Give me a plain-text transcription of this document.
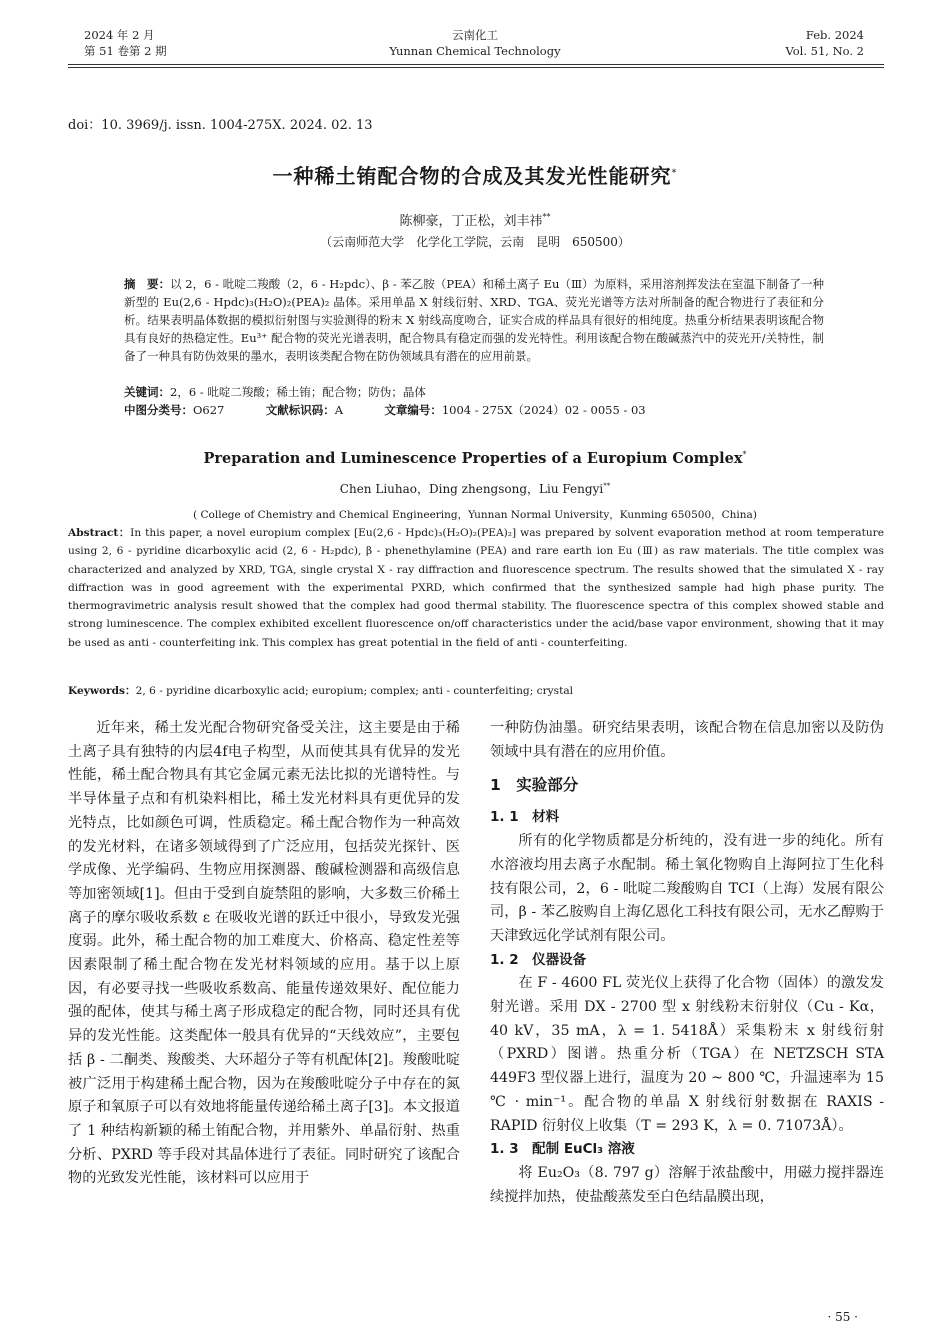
2024 年 2 月
第 51 卷第 2 期
云南化工
Yunnan Chemical Technology
Feb. 2024
Vol. 51, No. 2
doi：10. 3969/j. issn. 1004-275X. 2024. 02. 13
一种稀土铕配合物的合成及其发光性能研究*
陈柳豪，丁正松，刘丰祎**
（云南师范大学　化学化工学院，云南　昆明　650500）
摘　要：以 2，6 - 吡啶二羧酸（2，6 - H₂pdc）、β - 苯乙胺（PEA）和稀土离子 Eu（Ⅲ）为原料，采用溶剂挥发法在室温下制备了一种新型的 Eu(2,6 - Hpdc)₃(H₂O)₂(PEA)₂ 晶体。采用单晶 X 射线衍射、XRD、TGA、荧光光谱等方法对所制备的配合物进行了表征和分析。结果表明晶体数据的模拟衍射图与实验测得的粉末 X 射线高度吻合，证实合成的样品具有很好的相纯度。热重分析结果表明该配合物具有良好的热稳定性。Eu³⁺ 配合物的荧光光谱表明，配合物具有稳定而强的发光特性。利用该配合物在酸碱蒸汽中的荧光开/关特性，制备了一种具有防伪效果的墨水，表明该类配合物在防伪领域具有潜在的应用前景。
关键词：2，6 - 吡啶二羧酸；稀土铕；配合物；防伪；晶体
中图分类号：O627	文献标识码：A	文章编号：1004 - 275X（2024）02 - 0055 - 03
Preparation and Luminescence Properties of a Europium Complex*
Chen Liuhao，Ding zhengsong，Liu Fengyi**
( College of Chemistry and Chemical Engineering，Yunnan Normal University，Kunming 650500，China)
Abstract：In this paper, a novel europium complex [Eu(2,6 - Hpdc)₃(H₂O)₂(PEA)₂] was prepared by solvent evaporation method at room temperature using 2, 6 - pyridine dicarboxylic acid (2, 6 - H₂pdc), β - phenethylamine (PEA) and rare earth ion Eu (Ⅲ) as raw materials. The title complex was characterized and analyzed by XRD, TGA, single crystal X - ray diffraction and fluorescence spectrum. The results showed that the simulated X - ray diffraction was in good agreement with the experimental PXRD, which confirmed that the synthesized sample had high phase purity. The thermogravimetric analysis result showed that the complex had good thermal stability. The fluorescence spectra of this complex showed stable and strong luminescence. The complex exhibited excellent fluorescence on/off characteristics under the acid/base vapor environment, showing that it may be used as anti - counterfeiting ink. This complex has great potential in the field of anti - counterfeiting.
Keywords：2, 6 - pyridine dicarboxylic acid; europium; complex; anti - counterfeiting; crystal

近年来，稀土发光配合物研究备受关注，这主要是由于稀土离子具有独特的内层4f电子构型，从而使其具有优异的发光性能，稀土配合物具有其它金属元素无法比拟的光谱特性。与半导体量子点和有机染料相比，稀土发光材料具有更优异的发光特点，比如颜色可调，性质稳定。稀土配合物作为一种高效的发光材料，在诸多领域得到了广泛应用，包括荧光探针、医学成像、光学编码、生物应用探测器、酸碱检测器和高级信息等加密领域[1]。但由于受到自旋禁阻的影响，大多数三价稀土离子的摩尔吸收系数 ε 在吸收光谱的跃迁中很小，导致发光强度弱。此外，稀土配合物的加工难度大、价格高、稳定性差等因素限制了稀土配合物在发光材料领域的应用。基于以上原因，有必要寻找一些吸收系数高、能量传递效果好、配位能力强的配体，使其与稀土离子形成稳定的配合物，同时还具有优异的发光性能。这类配体一般具有优异的“天线效应”，主要包括 β - 二酮类、羧酸类、大环超分子等有机配体[2]。羧酸吡啶被广泛用于构建稀土配合物，因为在羧酸吡啶分子中存在的氮原子和氧原子可以有效地将能量传递给稀土离子[3]。本文报道了 1 种结构新颖的稀土铕配合物，并用紫外、单晶衍射、热重分析、PXRD 等手段对其晶体进行了表征。同时研究了该配合物的光致发光性能，该材料可以应用于

一种防伪油墨。研究结果表明，该配合物在信息加密以及防伪领域中具有潜在的应用价值。

1　实验部分
1. 1　材料

所有的化学物质都是分析纯的，没有进一步的纯化。所有水溶液均用去离子水配制。稀土氧化物购自上海阿拉丁生化科技有限公司，2，6 - 吡啶二羧酸购自 TCI（上海）发展有限公司，β - 苯乙胺购自上海亿恩化工科技有限公司，无水乙醇购于天津致远化学试剂有限公司。

1. 2　仪器设备

在 F - 4600 FL 荧光仪上获得了化合物（固体）的激发发射光谱。采用 DX - 2700 型 x 射线粉末衍射仪（Cu - Kα，40 kV，35 mA，λ = 1. 5418Å）采集粉末 x 射线衍射（PXRD）图谱。热重分析（TGA）在 NETZSCH STA 449F3 型仪器上进行，温度为 20 ~ 800 ℃，升温速率为 15 ℃ · min⁻¹。配合物的单晶 X 射线衍射数据在 RAXIS - RAPID 衍射仪上收集（T = 293 K，λ = 0. 71073Å）。

1. 3　配制 EuCl₃ 溶液

将 Eu₂O₃（8. 797 g）溶解于浓盐酸中，用磁力搅拌器连续搅拌加热，使盐酸蒸发至白色结晶膜出现，

· 55 ·
